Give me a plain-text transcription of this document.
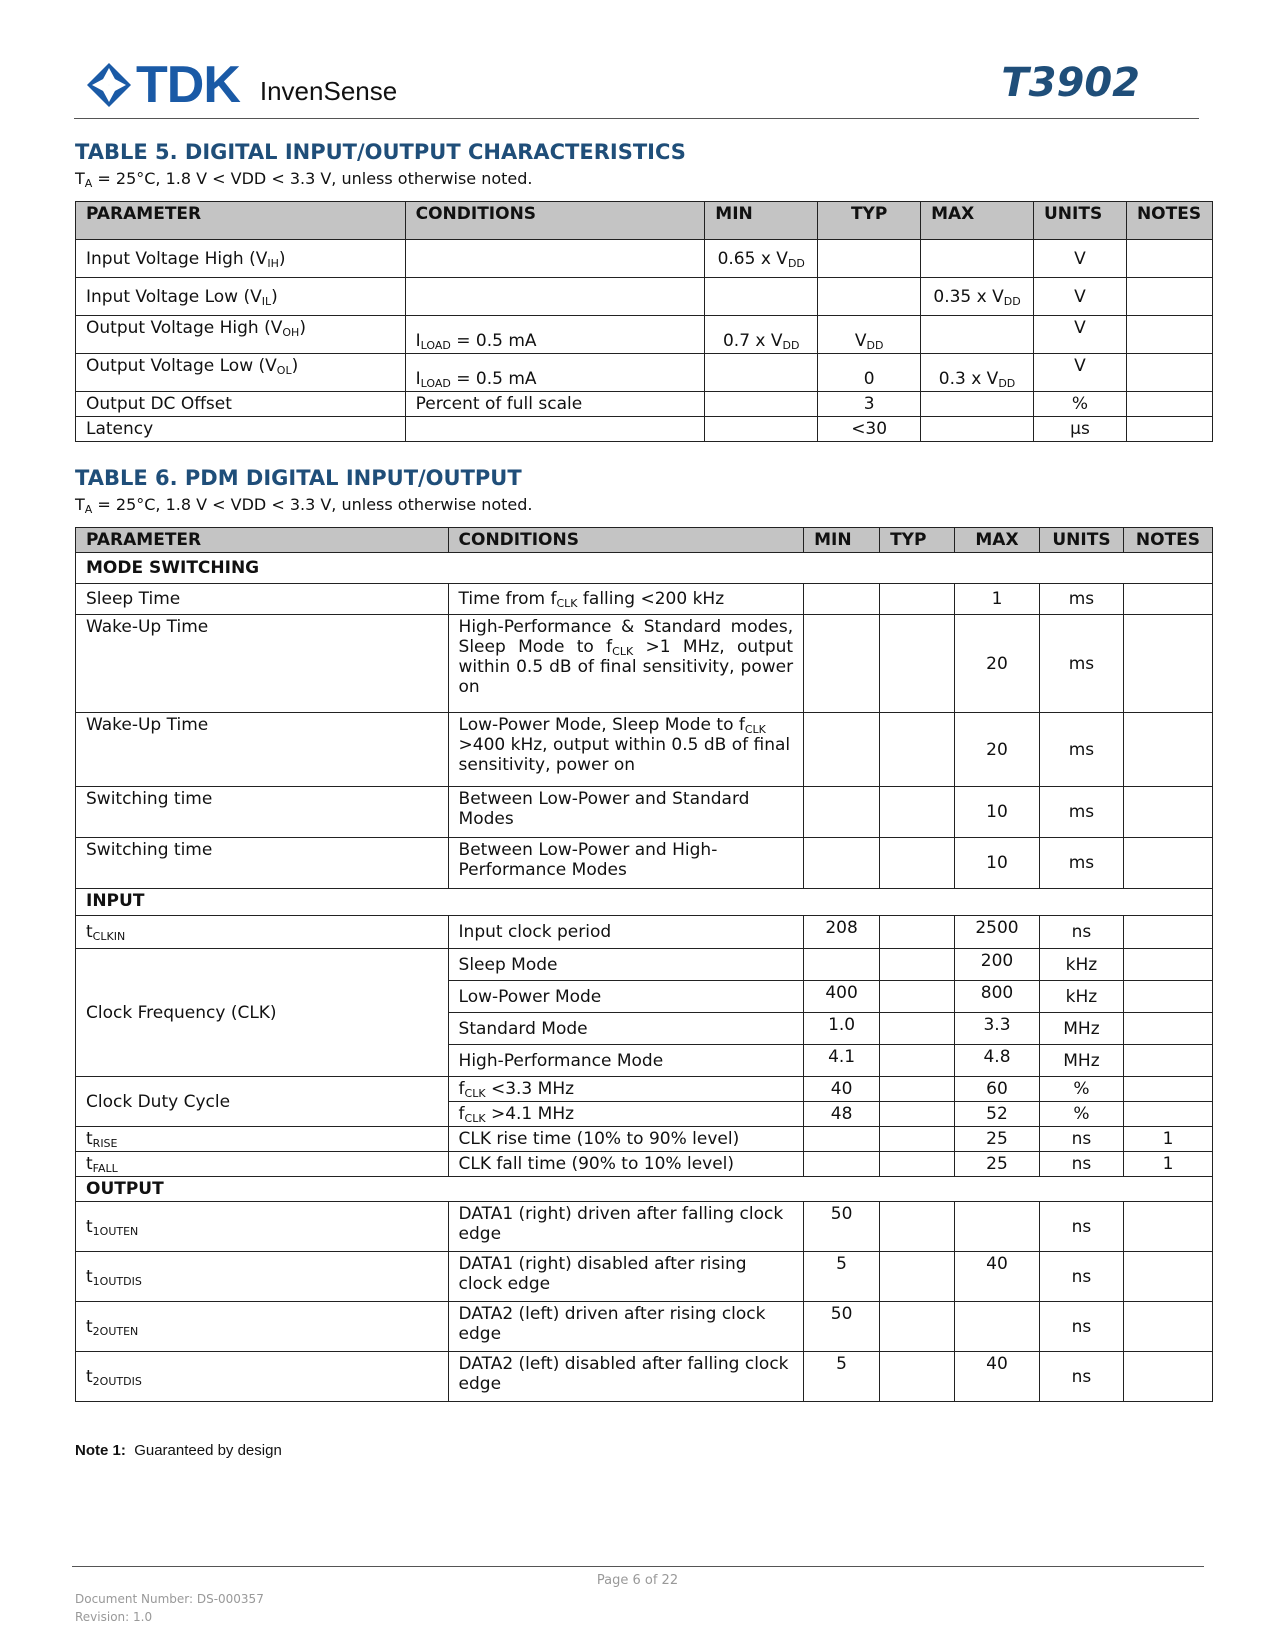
TDK InvenSense	T3902
TABLE 5. DIGITAL INPUT/OUTPUT CHARACTERISTICS

$T_A = 25^\circ C$, 1.8 V < VDD < 3.3 V, unless otherwise noted.

PARAMETER	CONDITIONS	MIN	TYP	MAX	UNITS	NOTES
Input Voltage High $(V_{IH})$		0.65 x $V_{DD}$			V	
Input Voltage Low $(V_{IL})$				0.35 x $V_{DD}$	V	
Output Voltage High $(V_{OH})$	$I_{LOAD} = 0.5$ mA	0.7 x $V_{DD}$	$V_{DD}$		V	
Output Voltage Low $(V_{OL})$	$I_{LOAD} = 0.5$ mA		0	0.3 x $V_{DD}$	V	
Output DC Offset	Percent of full scale		3		%	
Latency			<30		µs	
TABLE 6. PDM DIGITAL INPUT/OUTPUT

$T_A = 25^\circ C$, 1.8 V < VDD < 3.3 V, unless otherwise noted.

PARAMETER	CONDITIONS	MIN	TYP	MAX	UNITS	NOTES
MODE SWITCHING						
Sleep Time	Time from $f_{CLK}$ falling <200 kHz			1	ms	
Wake-Up Time	High-Performance & Standard modes, Sleep Mode to $f_{CLK} >1$ MHz, output within 0.5 dB of final sensitivity, power on			20	ms	
Wake-Up Time	Low-Power Mode, Sleep Mode to $f_{CLK} >400$ kHz, output within 0.5 dB of final sensitivity, power on			20	ms	
Switching time	Between Low-Power and Standard Modes			10	ms	
Switching time	Between Low-Power and High-Performance Modes			10	ms	
INPUT						
$t_{CLKIN}$	Input clock period	208		2500	ns	
Clock Frequency (CLK)	Sleep Mode			200	kHz	
	Low-Power Mode	400		800	kHz	
	Standard Mode	1.0		3.3	MHz	
	High-Performance Mode	4.1		4.8	MHz	
Clock Duty Cycle	$f_{CLK} <3.3$ MHz	40		60	%	
	$f_{CLK} >4.1$ MHz	48		52	%	
$t_{RISE}$	CLK rise time (10% to 90% level)			25	ns	1
$t_{FALL}$	CLK fall time (90% to 10% level)			25	ns	1
OUTPUT						
$t_{1OUTEN}$	DATA1 (right) driven after falling clock edge	50			ns	
$t_{1OUTDIS}$	DATA1 (right) disabled after rising clock edge	5		40	ns	
$t_{2OUTEN}$	DATA2 (left) driven after rising clock edge	50			ns	
$t_{2OUTDIS}$	DATA2 (left) disabled after falling clock edge	5		40	ns	
Note 1: Guaranteed by design
Page 6 of 22
Document Number: DS-000357
Revision: 1.0
